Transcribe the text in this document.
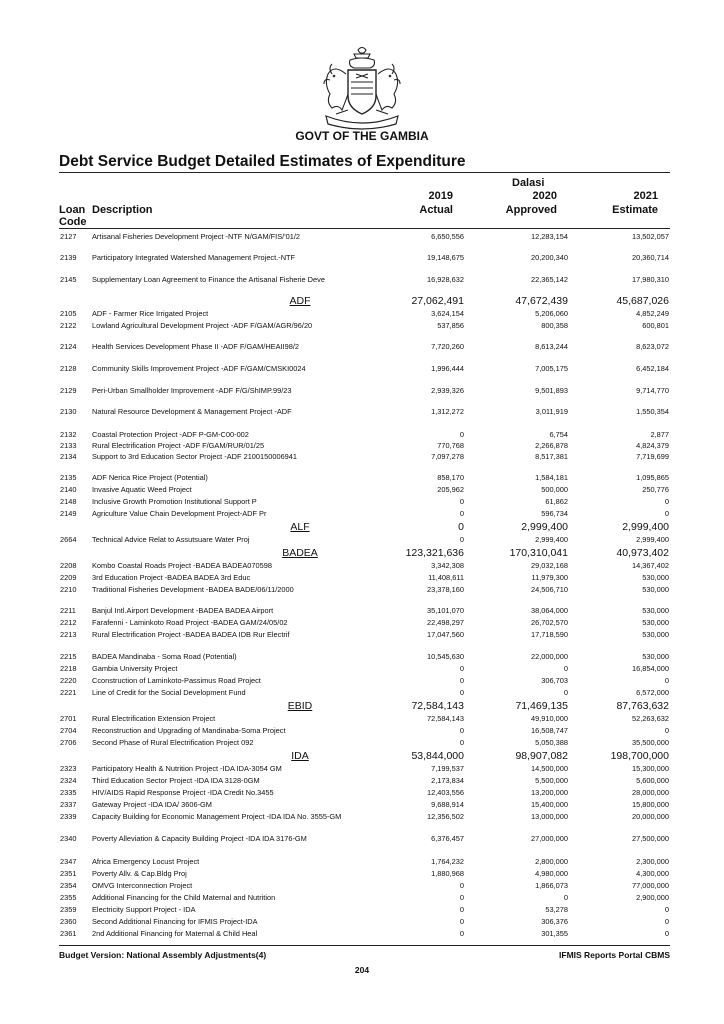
GOVT OF THE GAMBIA
Debt Service Budget Detailed Estimates of Expenditure
Dalasi
2019	2020	2021
Loan
Code
Description	Actual	Approved	Estimate
2127 Artisanal Fisheries Development Project -NTF N/GAM/FIS/'01/2	6,650,556	12,283,154	13,502,057
2139 Participatory Integrated Watershed Management Project.-NTF	19,148,675	20,200,340	20,360,714
2145 Supplementary Loan Agreement to Finance the Artisanal Fisherie Deve	16,928,632	22,365,142	17,980,310
ADF	27,062,491	47,672,439	45,687,026
2105 ADF - Farmer Rice Irrigated Project	3,624,154	5,206,060	4,852,249
2122 Lowland Agricultural Development Project -ADF F/GAM/AGR/96/20	537,856	800,358	600,801
2124 Health Services Development Phase II -ADF F/GAM/HEAII98/2	7,720,260	8,613,244	8,623,072
2128 Community Skills Improvement Project -ADF F/GAM/CMSKI0024	1,996,444	7,005,175	6,452,184
2129 Peri-Urban Smallholder Improvement -ADF F/G/ShIMP.99/23	2,939,326	9,501,893	9,714,770
2130 Natural Resource Development & Management Project -ADF	1,312,272	3,011,919	1,550,354
2132 Coastal Protection Project -ADF P-GM-C00-002	0	6,754	2,877
2133 Rural Electrification Project -ADF F/GAM/RUR/01/25	770,768	2,266,878	4,824,379
2134 Support to 3rd Education Sector Project -ADF 2100150006941	7,097,278	8,517,381	7,719,699
2135 ADF Nerica Rice Project (Potential)	858,170	1,584,181	1,095,865
2140 Invasive Aquatic Weed Project	205,962	500,000	250,776
2148 Inclusive Growth Promotion Institutional Support P	0	61,862	0
2149 Agriculture Value Chain Development Project-ADF Pr	0	596,734	0
ALF	0	2,999,400	2,999,400
2664 Technical Advice Relat to Assutsuare Water Proj	0	2,999,400	2,999,400
BADEA	123,321,636	170,310,041	40,973,402
2208 Kombo Coastal Roads Project -BADEA BADEA070598	3,342,308	29,032,168	14,367,402
2209 3rd Education Project -BADEA BADEA 3rd Educ	11,408,611	11,979,300	530,000
2210 Traditional Fisheries Development -BADEA BADE/06/11/2000	23,378,160	24,506,710	530,000
2211 Banjul Intl.Airport Development -BADEA BADEA Airport	35,101,070	38,064,000	530,000
2212 Farafenni - Laminkoto Road Project -BADEA GAM/24/05/02	22,498,297	26,702,570	530,000
2213 Rural Electrification Project -BADEA BADEA IDB Rur Electrif	17,047,560	17,718,590	530,000
2215 BADEA Mandinaba - Soma Road (Potential)	10,545,630	22,000,000	530,000
2218 Gambia University Project	0	0	16,854,000
2220 Cconstruction of Laminkoto-Passimus Road Project	0	306,703	0
2221 Line of Credit for the Social Development Fund	0	0	6,572,000
EBID	72,584,143	71,469,135	87,763,632
2701 Rural Electrification Extension Project	72,584,143	49,910,000	52,263,632
2704 Reconstruction and Upgrading of Mandinaba-Soma Project	0	16,508,747	0
2706 Second Phase of Rural Electrification Project 092	0	5,050,388	35,500,000
IDA	53,844,000	98,907,082	198,700,000
2323 Participatory Health & Nutrition Project -IDA IDA-3054 GM	7,199,537	14,500,000	15,300,000
2324 Third Education Sector Project -IDA IDA 3128-0GM	2,173,834	5,500,000	5,600,000
2335 HIV/AIDS Rapid Response Project -IDA Credit No.3455	12,403,556	13,200,000	28,000,000
2337 Gateway Project -IDA IDA/ 3606-GM	9,688,914	15,400,000	15,800,000
2339 Capacity Building for Economic Management Project -IDA IDA No. 3555-GM	12,356,502	13,000,000	20,000,000
2340 Poverty Alleviation & Capacity Building Project -IDA IDA 3176-GM	6,376,457	27,000,000	27,500,000
2347 Africa Emergency Locust Project	1,764,232	2,800,000	2,300,000
2351 Poverty Allv. & Cap.Bldg Proj	1,880,968	4,980,000	4,300,000
2354 OMVG Interconnection Project	0	1,866,073	77,000,000
2355 Additional Financing for the Child Maternal and Nutrition	0	0	2,900,000
2359 Electricity Support Project - IDA	0	53,278	0
2360 Second Additional Financing for IFMIS Project-IDA	0	306,376	0
2361 2nd Additional Financing for Maternal & Child Heal	0	301,355	0
Budget Version: National Assembly Adjustments(4)	IFMIS Reports Portal CBMS
204
